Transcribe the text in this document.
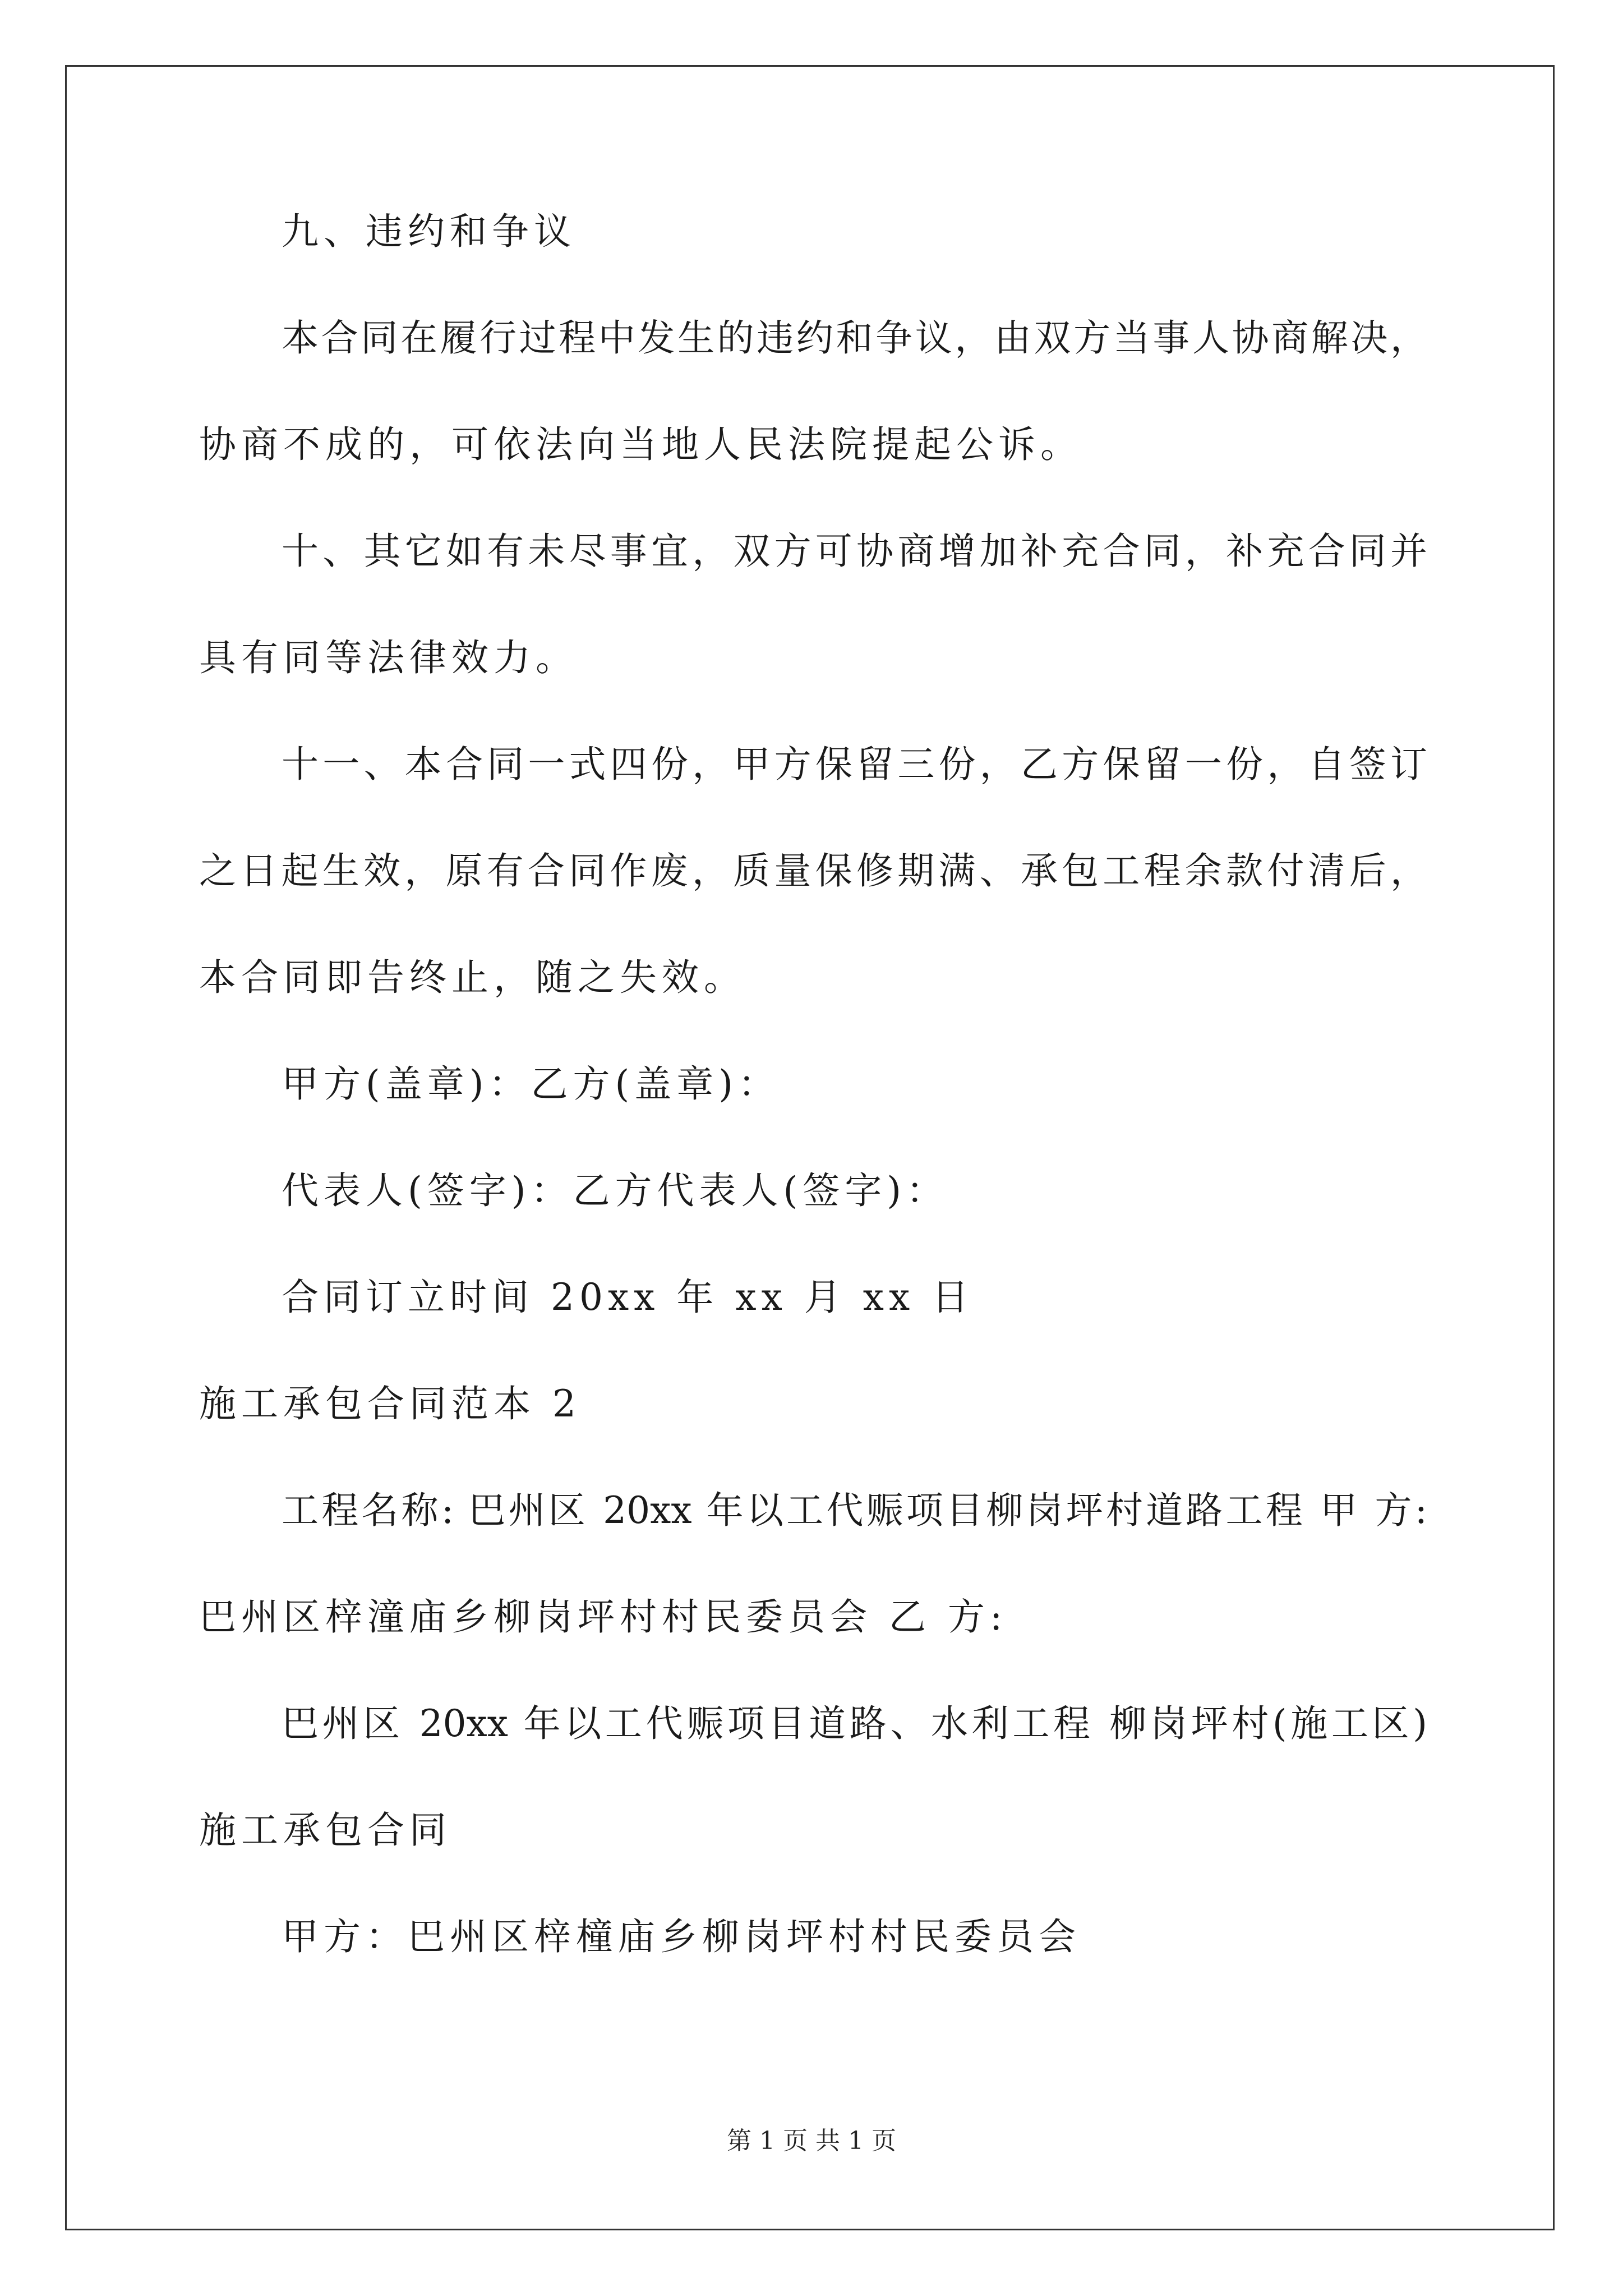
九、违约和争议
本合同在履行过程中发生的违约和争议，由双方当事人协商解决，
协商不成的，可依法向当地人民法院提起公诉。
十、其它如有未尽事宜，双方可协商增加补充合同，补充合同并
具有同等法律效力。
十一、本合同一式四份，甲方保留三份，乙方保留一份，自签订
之日起生效，原有合同作废，质量保修期满、承包工程余款付清后，
本合同即告终止，随之失效。
甲方(盖章)：乙方(盖章)：
代表人(签字)：乙方代表人(签字)：
合同订立时间 20xx 年 xx 月 xx 日
施工承包合同范本 2
工程名称: 巴州区 20xx 年以工代赈项目柳岗坪村道路工程 甲 方:
巴州区梓潼庙乡柳岗坪村村民委员会 乙 方:
巴州区 20xx 年以工代赈项目道路、水利工程 柳岗坪村(施工区)
施工承包合同
甲方：巴州区梓橦庙乡柳岗坪村村民委员会
第 1 页 共 1 页
